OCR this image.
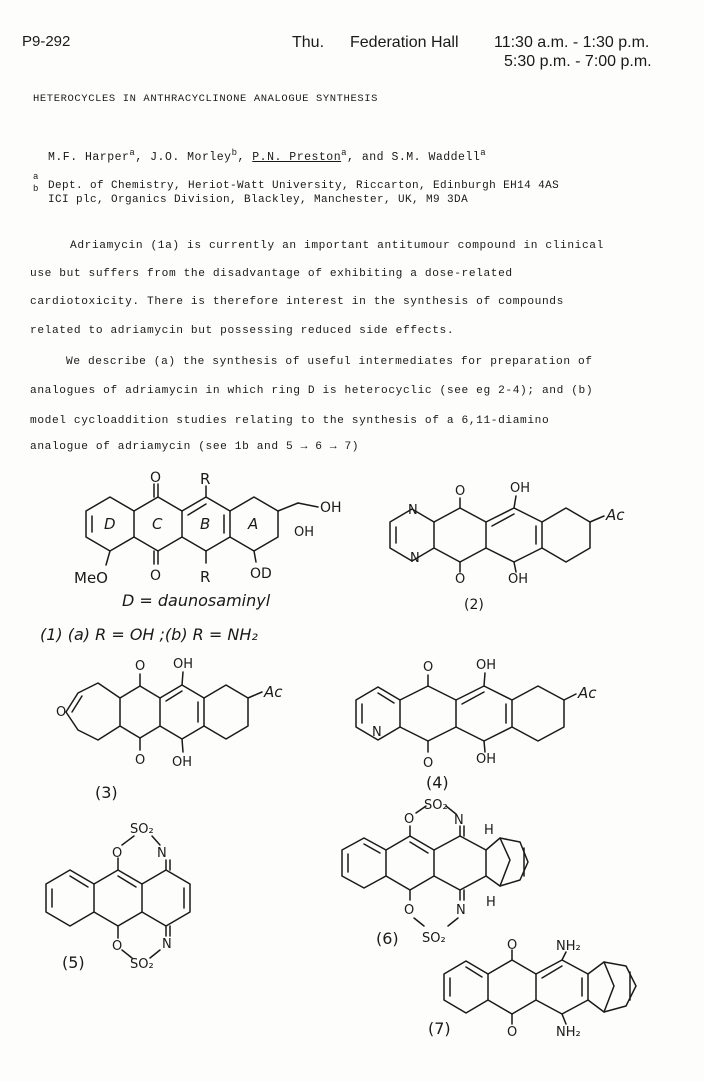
P9-292	Thu. Federation Hall 11:30 a.m. - 1:30 p.m.
5:30 p.m. - 7:00 p.m.
HETEROCYCLES IN ANTHRACYCLINONE ANALOGUE SYNTHESIS
M.F. Harper$^a$, J.O. Morley$^b$, P.N. Preston$^a$, and S.M. Waddell$^a$
a
Dept. of Chemistry, Heriot-Watt University, Riccarton, Edinburgh EH14 4AS
b
ICI plc, Organics Division, Blackley, Manchester, UK, M9 3DA
Adriamycin (1a) is currently an important antitumour compound in clinical
use but suffers from the disadvantage of exhibiting a dose-related
cardiotoxicity. There is therefore interest in the synthesis of compounds
related to adriamycin but possessing reduced side effects.
We describe (a) the synthesis of useful intermediates for preparation of
analogues of adriamycin in which ring D is heterocyclic (see eg 2-4); and (b)
model cycloaddition studies relating to the synthesis of a 6,11-diamino
analogue of adriamycin (see 1b and 5 → 6 → 7)
D C	B	A
O	R
OH
OH
MeO	O	R	OD
D = daunosaminyl
(1) (a) R = OH ;(b) R = NH₂
N
N
O	OH
O	OH
Ac
(2)
O
O OH
O OH
Ac
(3)
N
O	OH
O	OH
Ac
(4)
SO₂
O	N
O	N
SO₂
(5)
SO₂
O	N
H
O	N
H
SO₂
(6)	O	NH₂
O	NH₂
(7)
